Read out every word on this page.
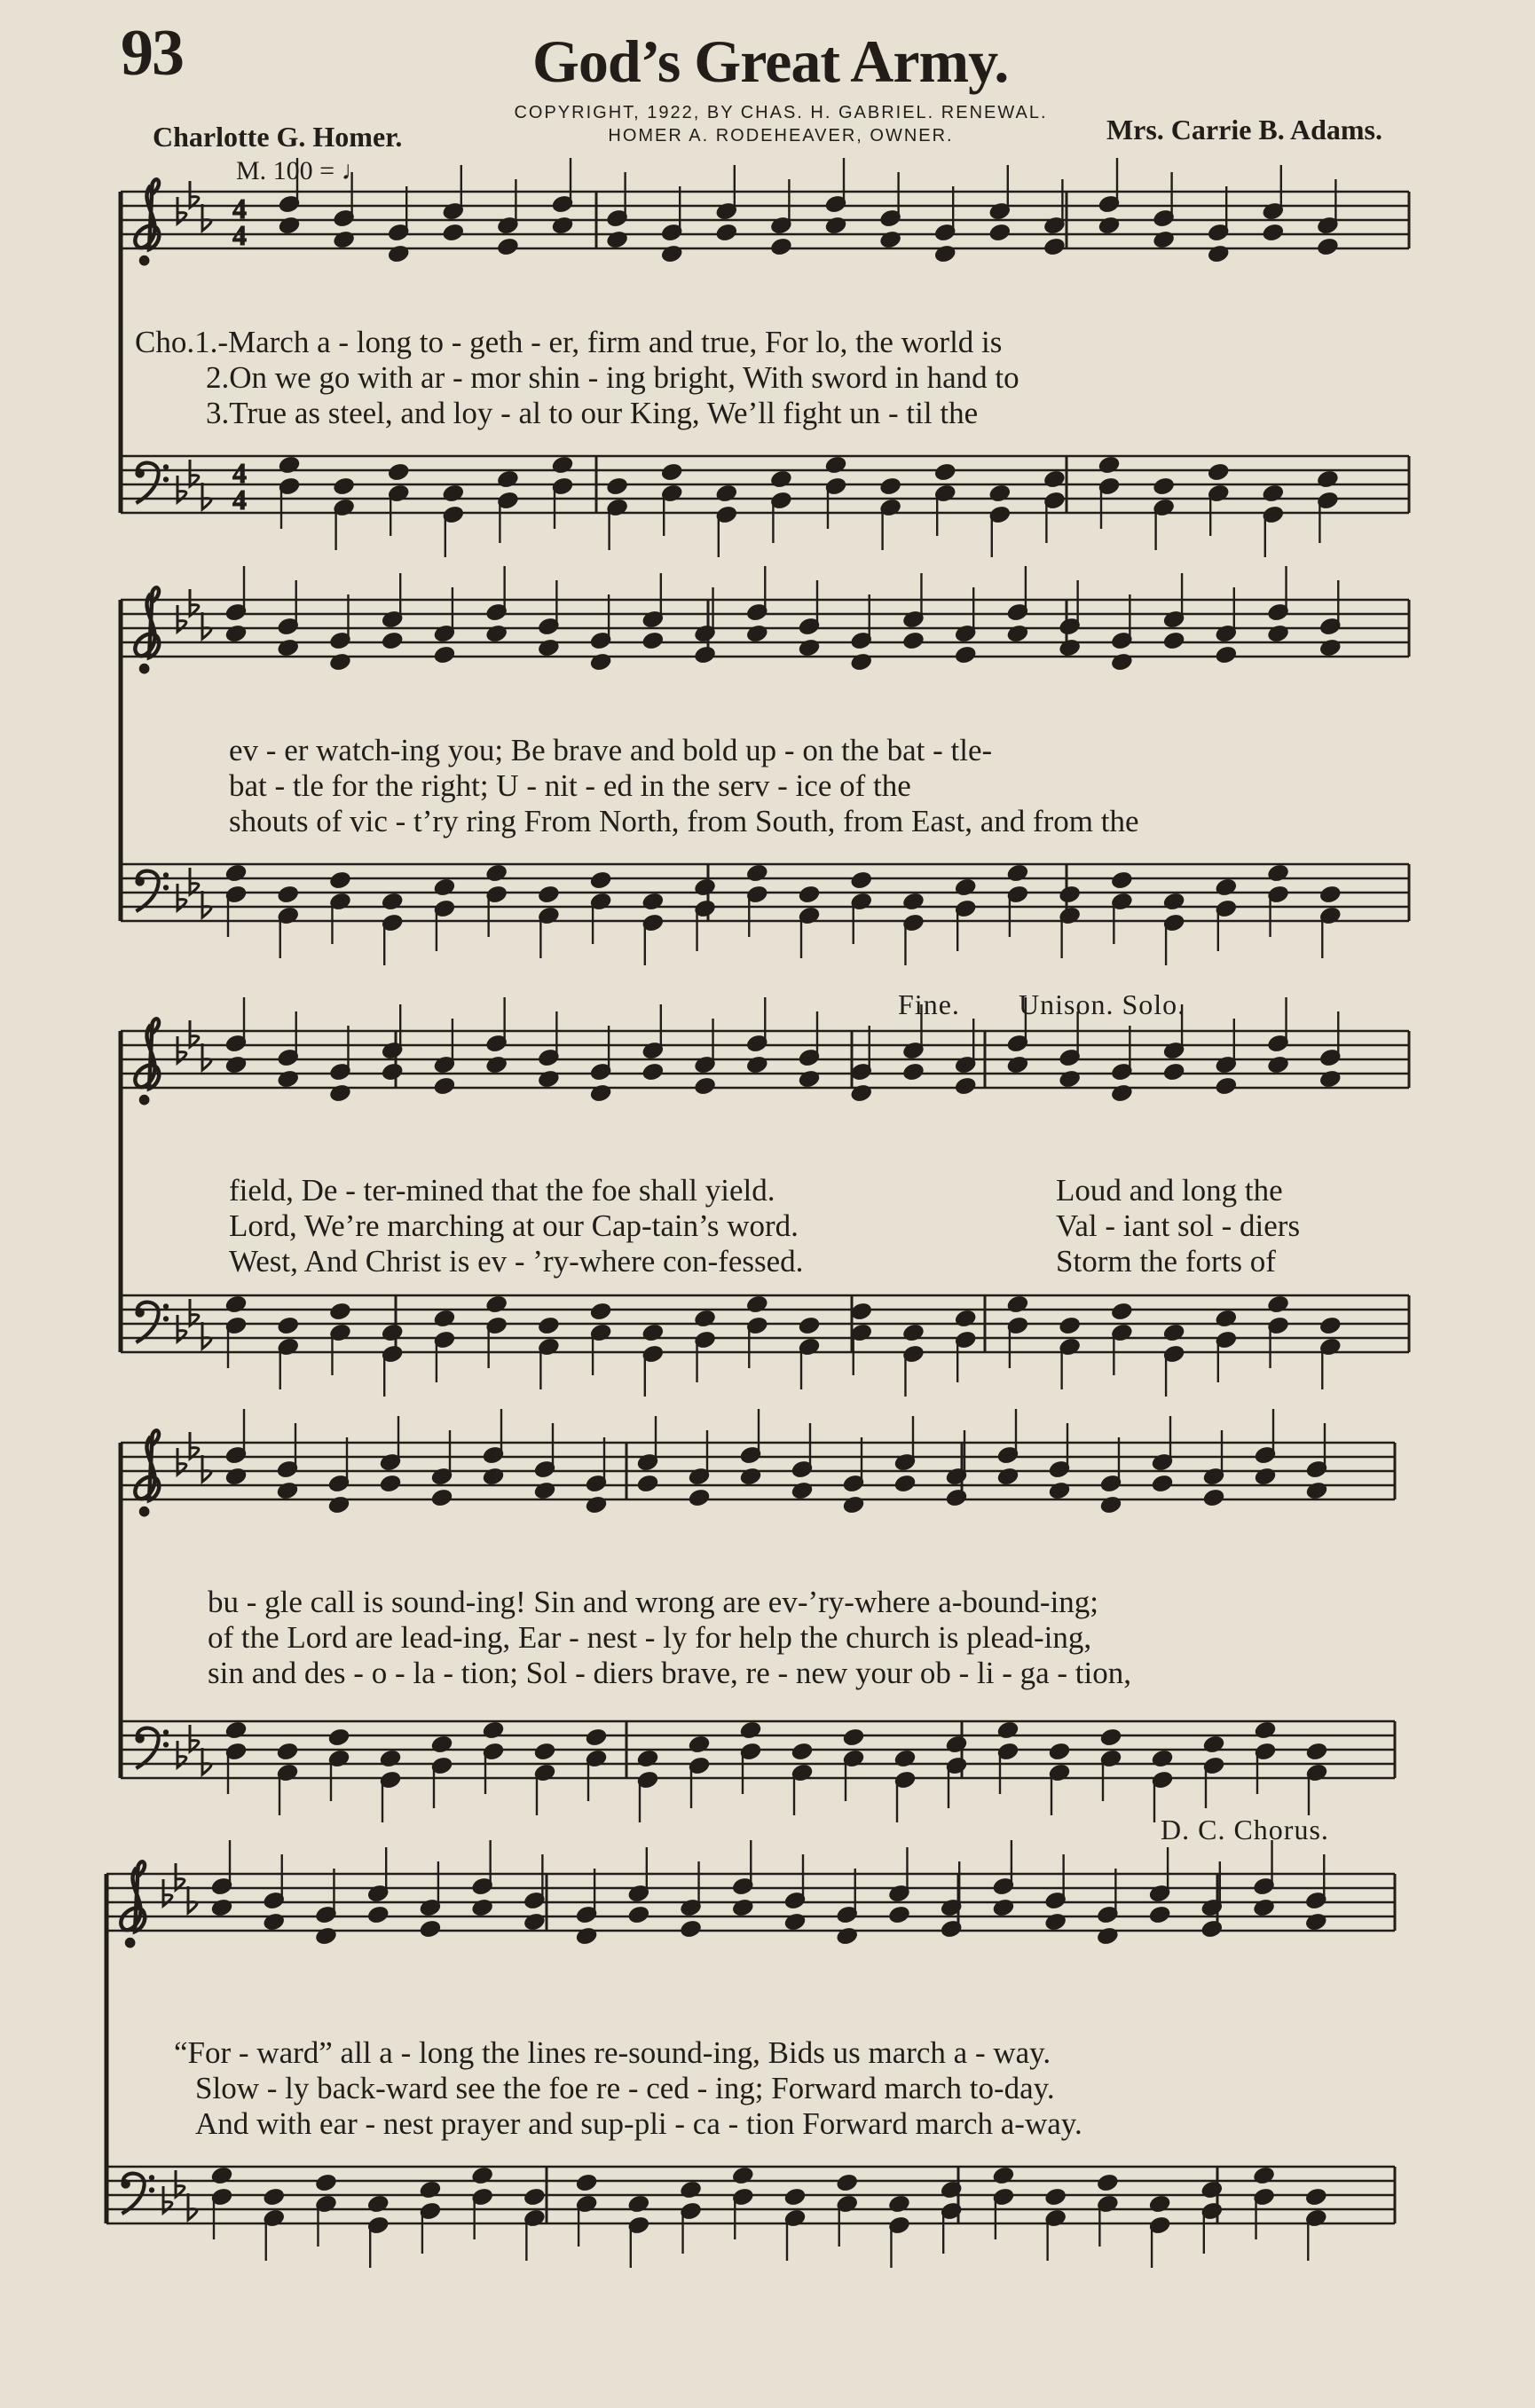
93	God’s Great Army.
COPYRIGHT, 1922, BY CHAS. H. GABRIEL. RENEWAL.
HOMER A. RODEHEAVER, OWNER.
Charlotte G. Homer.	Mrs. Carrie B. Adams.
M. 100 = ♩
4
4
4
4
Cho.1.-March a - long to - geth - er, firm and true, For lo, the world is
2.On we go with ar - mor shin - ing bright, With sword in hand to
3.True as steel, and loy - al to our King, We’ll fight un - til the
ev - er watch-ing you; Be brave and bold up - on the bat - tle-
bat - tle for the right; U - nit - ed in the serv - ice of the
shouts of vic - t’ry ring From North, from South, from East, and from the
Fine. Unison. Solo.
field, De - ter-mined that the foe shall yield.
Lord, We’re marching at our Cap-tain’s word.
West, And Christ is ev - ’ry-where con-fessed.
Loud and long the
Val - iant sol - diers
Storm the forts of
bu - gle call is sound-ing! Sin and wrong are ev-’ry-where a-bound-ing;
of the Lord are lead-ing, Ear - nest - ly for help the church is plead-ing,
sin and des - o - la - tion; Sol - diers brave, re - new your ob - li - ga - tion,
D. C. Chorus.
“For - ward” all a - long the lines re-sound-ing, Bids us march a - way.
Slow - ly back-ward see the foe re - ced - ing; Forward march to-day.
And with ear - nest prayer and sup-pli - ca - tion Forward march a-way.
